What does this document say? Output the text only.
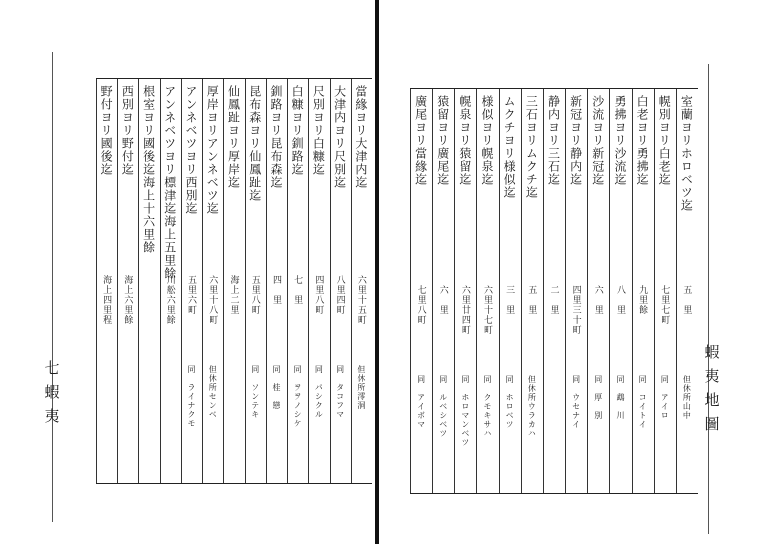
當緣ヨリ大津内迄
六里十五町
但休所澪洞
大津内ヨリ尺別迄
八里四町
同　タコフマ
尺別ヨリ白糠迄
四里八町
同　パシクル
白糠ヨリ釧路迄
七　里
同　ヲヲノシケ
釧路ヨリ昆布森迄
四　里
同　桂　戀
昆布森ヨリ仙鳳趾迄
五里八町
同　ソンテキ
仙鳳趾ヨリ厚岸迄
海上二里
厚岸ヨリアンネベツ迄
六里十八町
但休所センベ
アンネベツヨリ西別迄
五里六町
同　ライナクモ
アンネベツヨリ標津迄海上五里餘
川舩六里餘
根室ヨリ國後迄海上十六里餘
西別ヨリ野付迄
海上六里餘
野付ヨリ國後迄
海上四里程
七
蝦
夷
室蘭ヨリホロベツ迄
五　里
但休所山中
幌別ヨリ白老迄
七里七町
同　アイロ
白老ヨリ勇拂迄
九里餘
同　コイトイ
勇拂ヨリ沙流迄
八　里
同　鵡　川
沙流ヨリ新冠迄
六　里
同　厚　別
新冠ヨリ静内迄
四里三十町
同　ウセナイ
静内ヨリ三石迄
二　里
三石ヨリムクチ迄
五　里
但休所ウラカハ
ムクチヨリ様似迄
三　里
同　ホロベツ
様似ヨリ幌泉迄
六里十七町
同　クモキサハ
幌泉ヨリ猿留迄
六里廿四町
同　ホロマンベツ
猿留ヨリ廣尾迄
六　里
同　ルベシベツ
廣尾ヨリ當緣迄
七里八町
同　アイボマ
蝦
夷
地
圖
